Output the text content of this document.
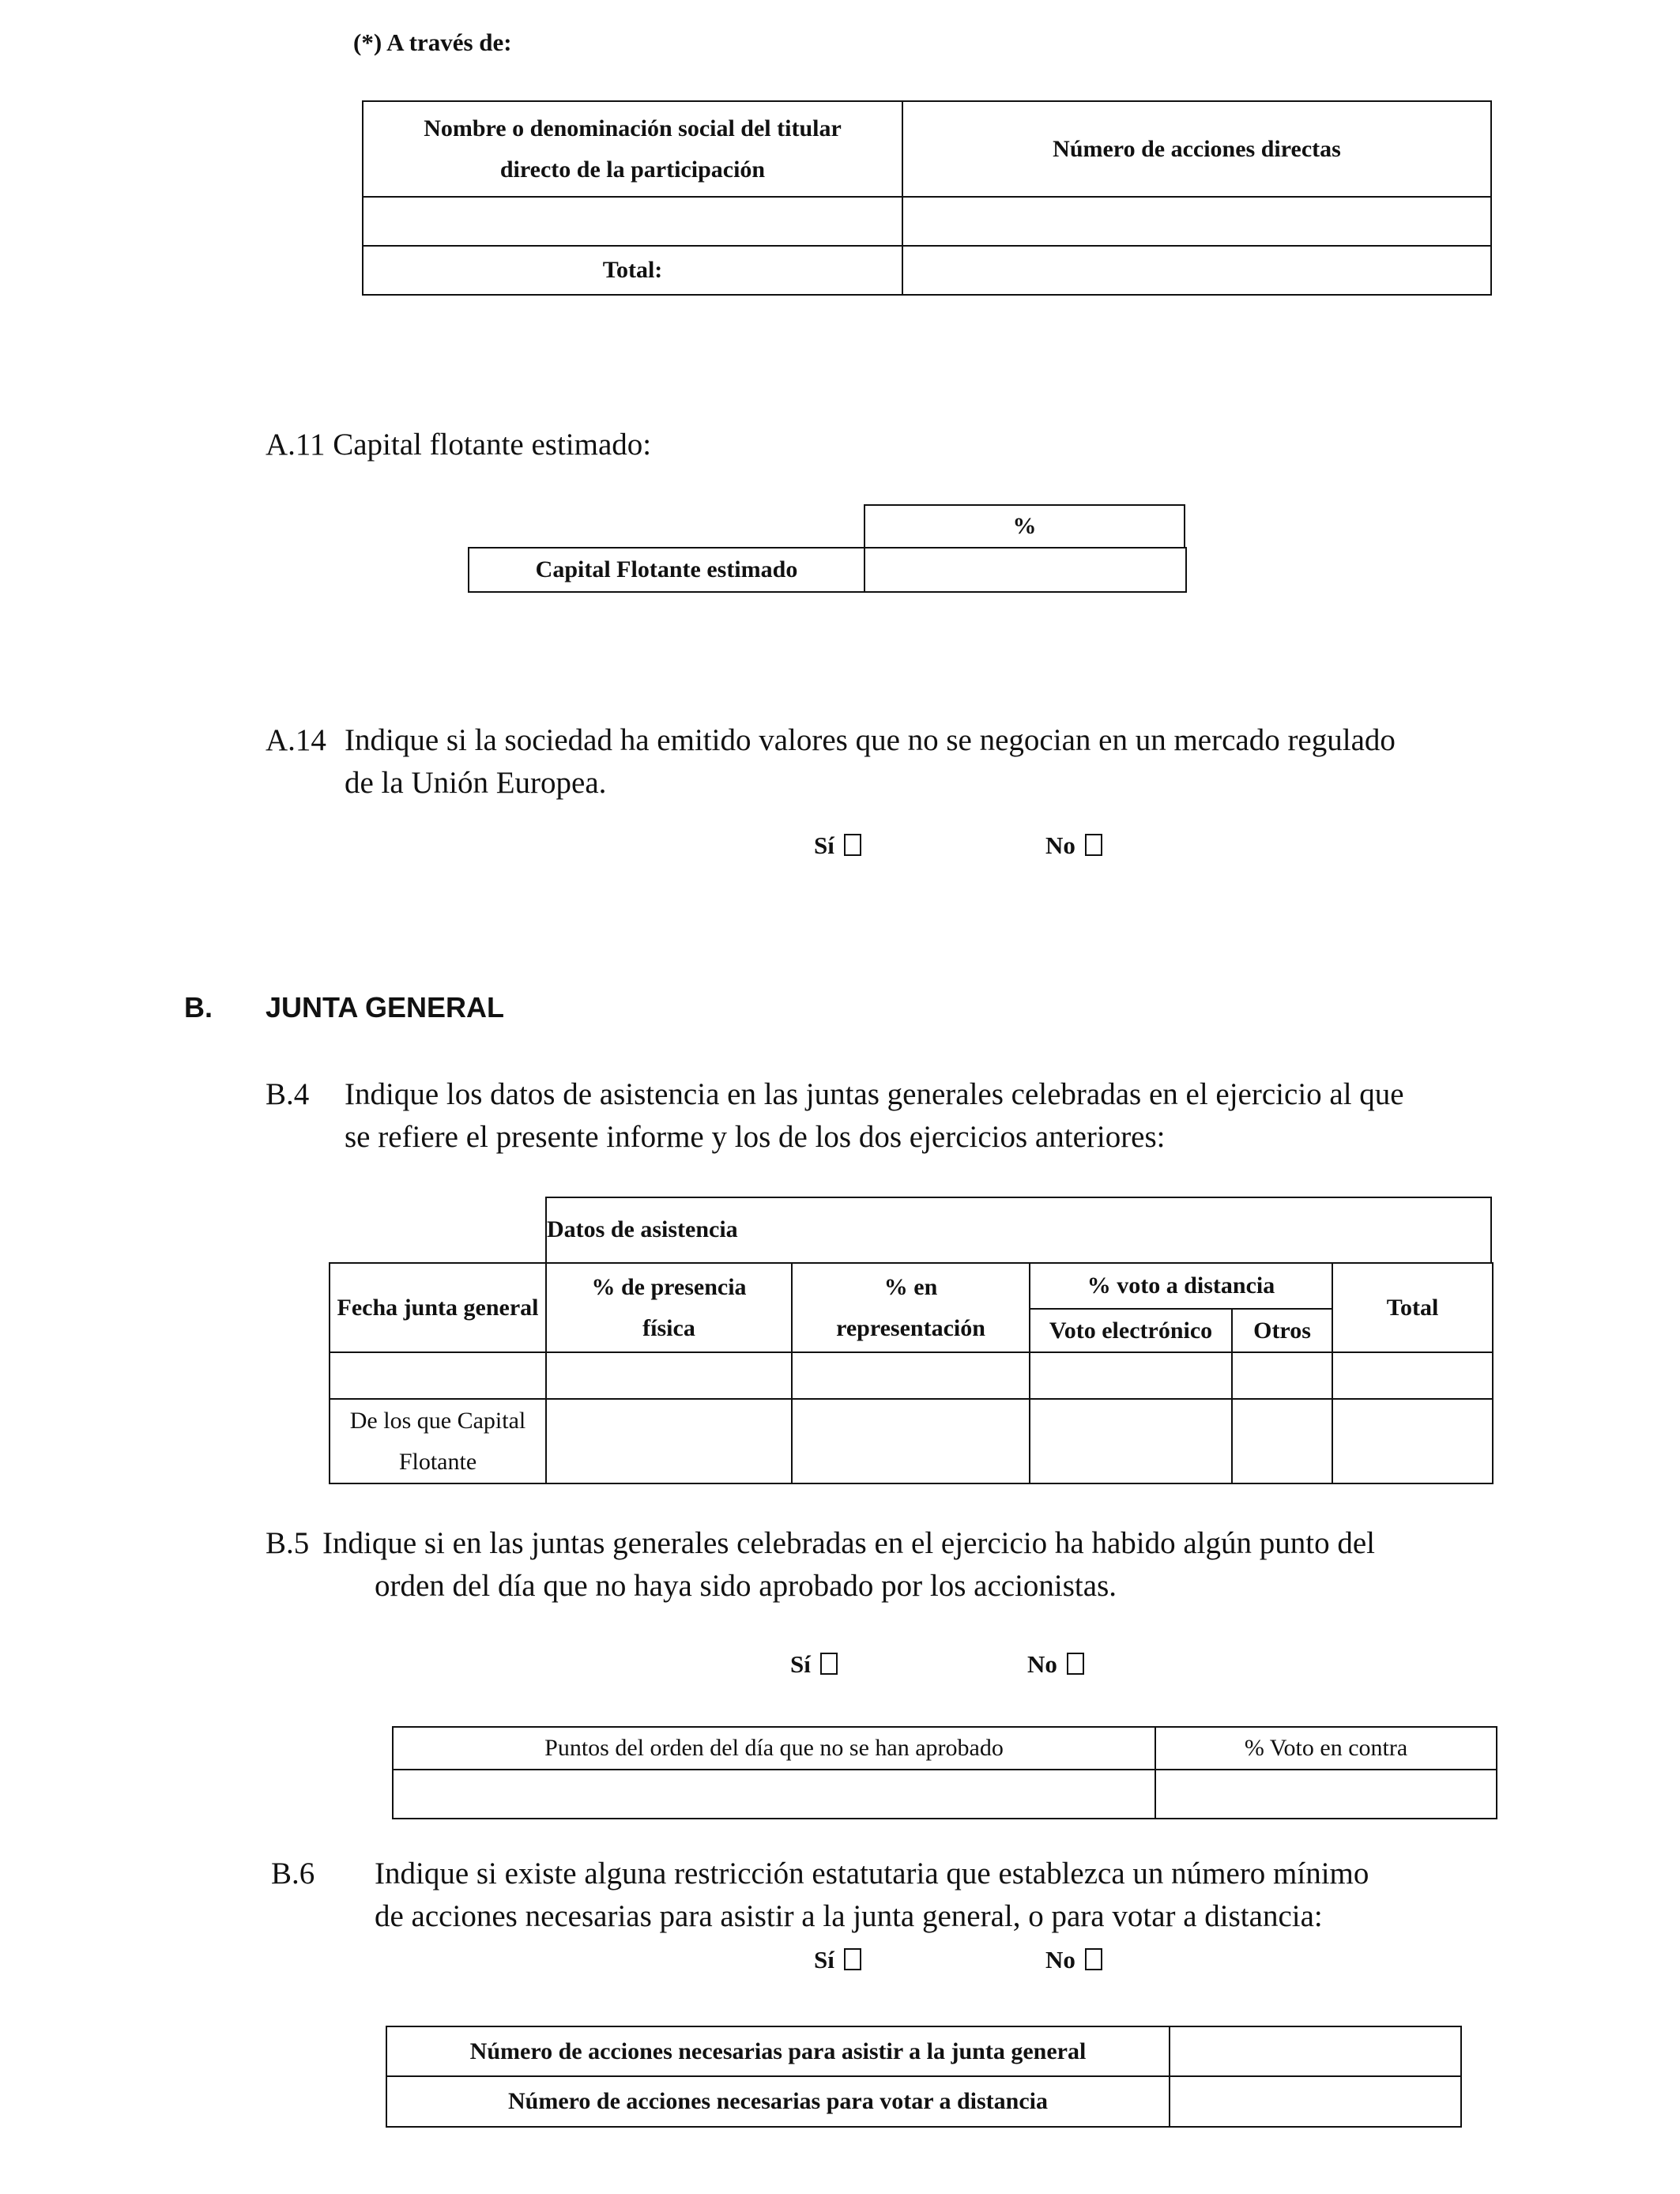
(*) A través de:
Nombre o denominación social del titular directo de la participación	Número de acciones directas

Total:	
A.11 Capital flotante estimado:
%
Capital Flotante estimado	
A.14 Indique si la sociedad ha emitido valores que no se negocian en un mercado regulado
de la Unión Europea.
Sí	No
B. JUNTA GENERAL
B.4 Indique los datos de asistencia en las juntas generales celebradas en el ejercicio al que
se refiere el presente informe y los de los dos ejercicios anteriores:
Datos de asistencia
Fecha junta general	% de presencia física	% en representación	% voto a distancia		Total
			Voto electrónico	Otros	

De los que Capital Flotante					
B.5 Indique si en las juntas generales celebradas en el ejercicio ha habido algún punto del
orden del día que no haya sido aprobado por los accionistas.
Sí	No
Puntos del orden del día que no se han aprobado	% Voto en contra

B.6 Indique si existe alguna restricción estatutaria que establezca un número mínimo
de acciones necesarias para asistir a la junta general, o para votar a distancia:
Sí	No
Número de acciones necesarias para asistir a la junta general	
Número de acciones necesarias para votar a distancia	
